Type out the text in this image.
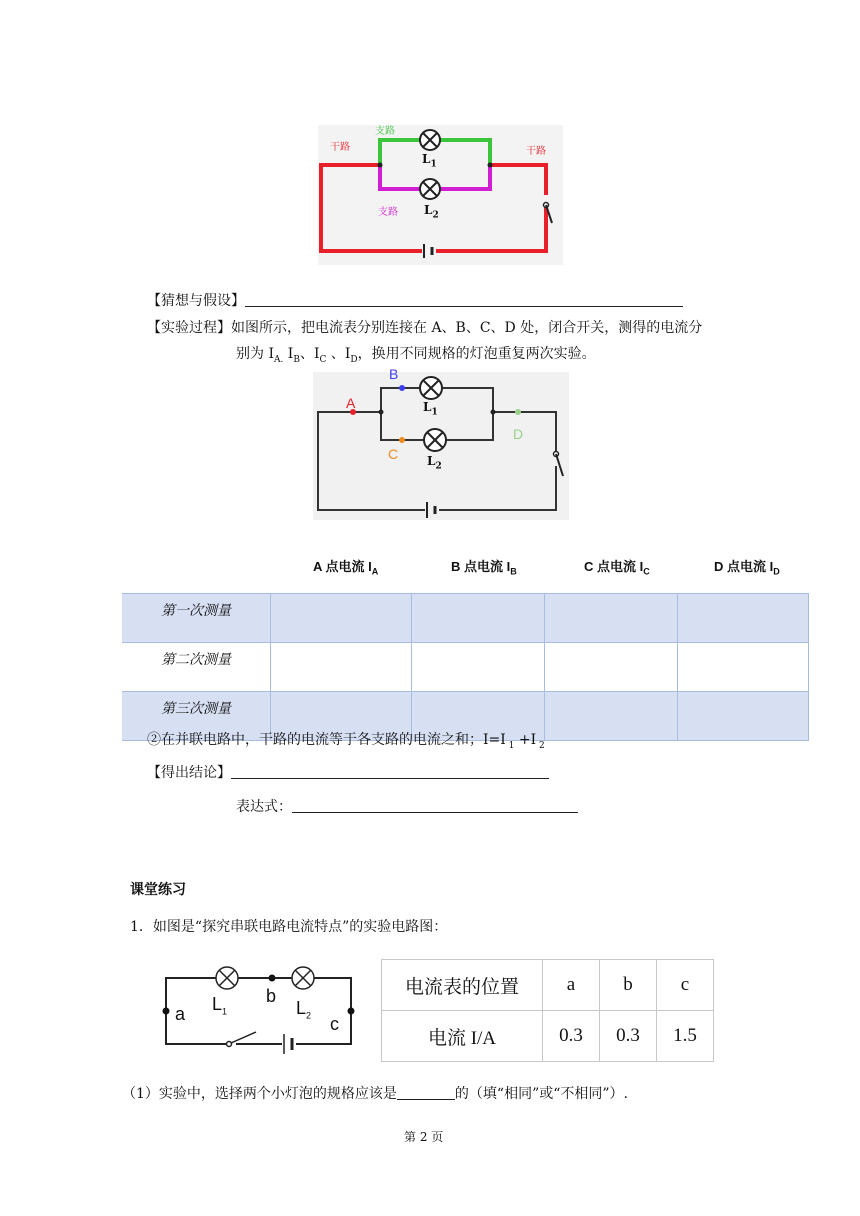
干路	干路
支路
支路
$L_1$
$L_2$
【猜想与假设】
【实验过程】如图所示，把电流表分别连接在 A、B、C、D 处，闭合开关，测得的电流分
别为 $I_{A.}$ $I_B$、$I_C$ 、$I_D$，换用不同规格的灯泡重复两次实验。
A
B
C
D
$L_1$
$L_2$
A 点电流 $I_A$	B 点电流 $I_B$	C 点电流 $I_C$	D 点电流 $I_D$
第一次测量				
第二次测量				
第三次测量				
②在并联电路中，干路的电流等于各支路的电流之和；I=I $_1$ +I $_2$
【得出结论】
表达式：
课堂练习
1．如图是“探究串联电路电流特点”的实验电路图：
a
b
c
$L_1$	$L_2$
电流表的位置	a	b	c
电流 I/A	0.3	0.3	1.5
（1）实验中，选择两个小灯泡的规格应该是	的（填“相同”或“不相同”）.
第 2 页
